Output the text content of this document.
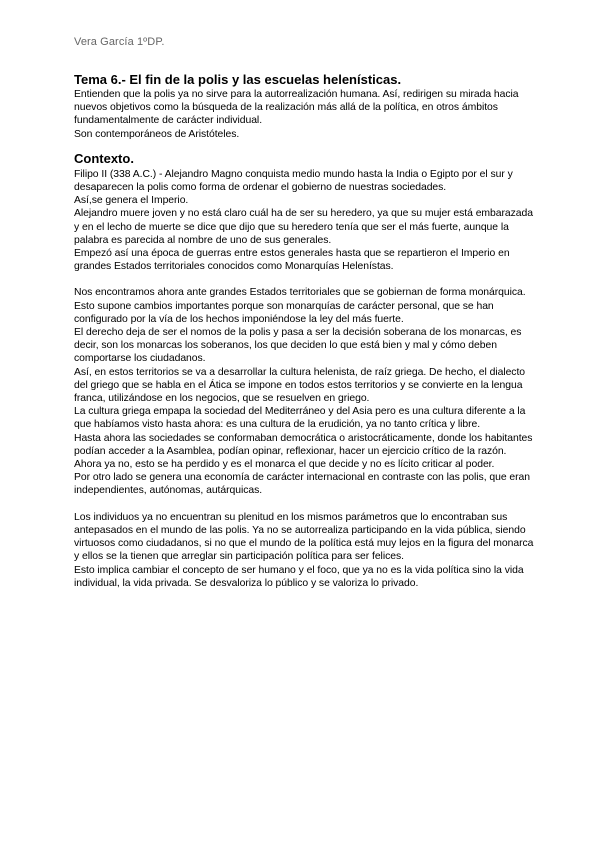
Vera García 1ºDP.
Tema 6.- El fin de la polis y las escuelas helenísticas.

Entienden que la polis ya no sirve para la autorrealización humana. Así, redirigen su mirada hacia nuevos objetivos como la búsqueda de la realización más allá de la política, en otros ámbitos fundamentalmente de carácter individual.

Son contemporáneos de Aristóteles.

Contexto.

Filipo II (338 A.C.) - Alejandro Magno conquista medio mundo hasta la India o Egipto por el sur y desaparecen la polis como forma de ordenar el gobierno de nuestras sociedades.

Así,se genera el Imperio.

Alejandro muere joven y no está claro cuál ha de ser su heredero, ya que su mujer está embarazada y en el lecho de muerte se dice que dijo que su heredero tenía que ser el más fuerte, aunque la palabra es parecida al nombre de uno de sus generales.

Empezó así una época de guerras entre estos generales hasta que se repartieron el Imperio en grandes Estados territoriales conocidos como Monarquías Helenístas.

Nos encontramos ahora ante grandes Estados territoriales que se gobiernan de forma monárquica. Esto supone cambios importantes porque son monarquías de carácter personal, que se han configurado por la vía de los hechos imponiéndose la ley del más fuerte.

El derecho deja de ser el nomos de la polis y pasa a ser la decisión soberana de los monarcas, es decir, son los monarcas los soberanos, los que deciden lo que está bien y mal y cómo deben comportarse los ciudadanos.

Así, en estos territorios se va a desarrollar la cultura helenista, de raíz griega. De hecho, el dialecto del griego que se habla en el Ática se impone en todos estos territorios y se convierte en la lengua franca, utilizándose en los negocios, que se resuelven en griego.

La cultura griega empapa la sociedad del Mediterráneo y del Asia pero es una cultura diferente a la que habíamos visto hasta ahora: es una cultura de la erudición, ya no tanto crítica y libre.

Hasta ahora las sociedades se conformaban democrática o aristocráticamente, donde los habitantes podían acceder a la Asamblea, podían opinar, reflexionar, hacer un ejercicio crítico de la razón. Ahora ya no, esto se ha perdido y es el monarca el que decide y no es lícito criticar al poder.

Por otro lado se genera una economía de carácter internacional en contraste con las polis, que eran independientes, autónomas, autárquicas.

Los individuos ya no encuentran su plenitud en los mismos parámetros que lo encontraban sus antepasados en el mundo de las polis. Ya no se autorrealiza participando en la vida pública, siendo virtuosos como ciudadanos, si no que el mundo de la política está muy lejos en la figura del monarca y ellos se la tienen que arreglar sin participación política para ser felices.

Esto implica cambiar el concepto de ser humano y el foco, que ya no es la vida política sino la vida individual, la vida privada. Se desvaloriza lo público y se valoriza lo privado.
